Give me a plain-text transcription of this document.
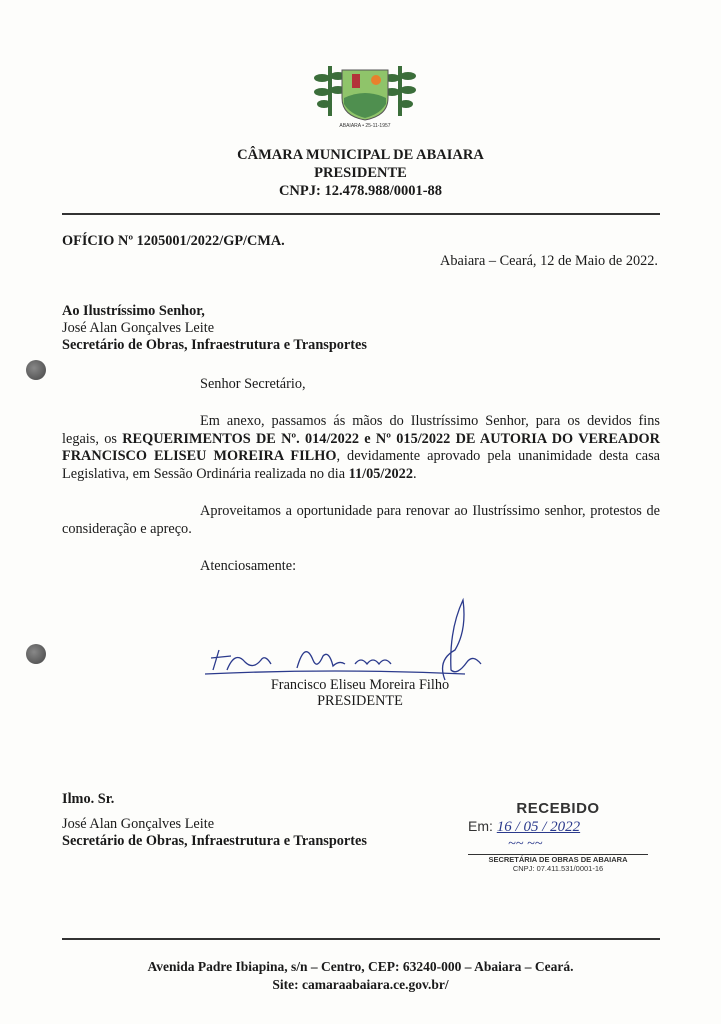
ABAIARA • 25-11-1957
CÂMARA MUNICIPAL DE ABAIARA
PRESIDENTE
CNPJ: 12.478.988/0001-88
OFÍCIO Nº 1205001/2022/GP/CMA.
Abaiara – Ceará, 12 de Maio de 2022.
Ao Ilustríssimo Senhor,
José Alan Gonçalves Leite
Secretário de Obras, Infraestrutura e Transportes
Senhor Secretário,

Em anexo, passamos ás mãos do Ilustríssimo Senhor, para os devidos fins legais, os REQUERIMENTOS DE Nº. 014/2022 e Nº 015/2022 DE AUTORIA DO VEREADOR FRANCISCO ELISEU MOREIRA FILHO, devidamente aprovado pela unanimidade desta casa Legislativa, em Sessão Ordinária realizada no dia 11/05/2022.

Aproveitamos a oportunidade para renovar ao Ilustríssimo senhor, protestos de consideração e apreço.

Atenciosamente:
Francisco Eliseu Moreira Filho
PRESIDENTE
Ilmo. Sr.
José Alan Gonçalves Leite
Secretário de Obras, Infraestrutura e Transportes
RECEBIDO
Em: 16 / 05 / 2022
~~ ~~
SECRETÁRIA DE OBRAS DE ABAIARA
CNPJ: 07.411.531/0001-16
Avenida Padre Ibiapina, s/n – Centro, CEP: 63240-000 – Abaiara – Ceará.
Site: camaraabaiara.ce.gov.br/
